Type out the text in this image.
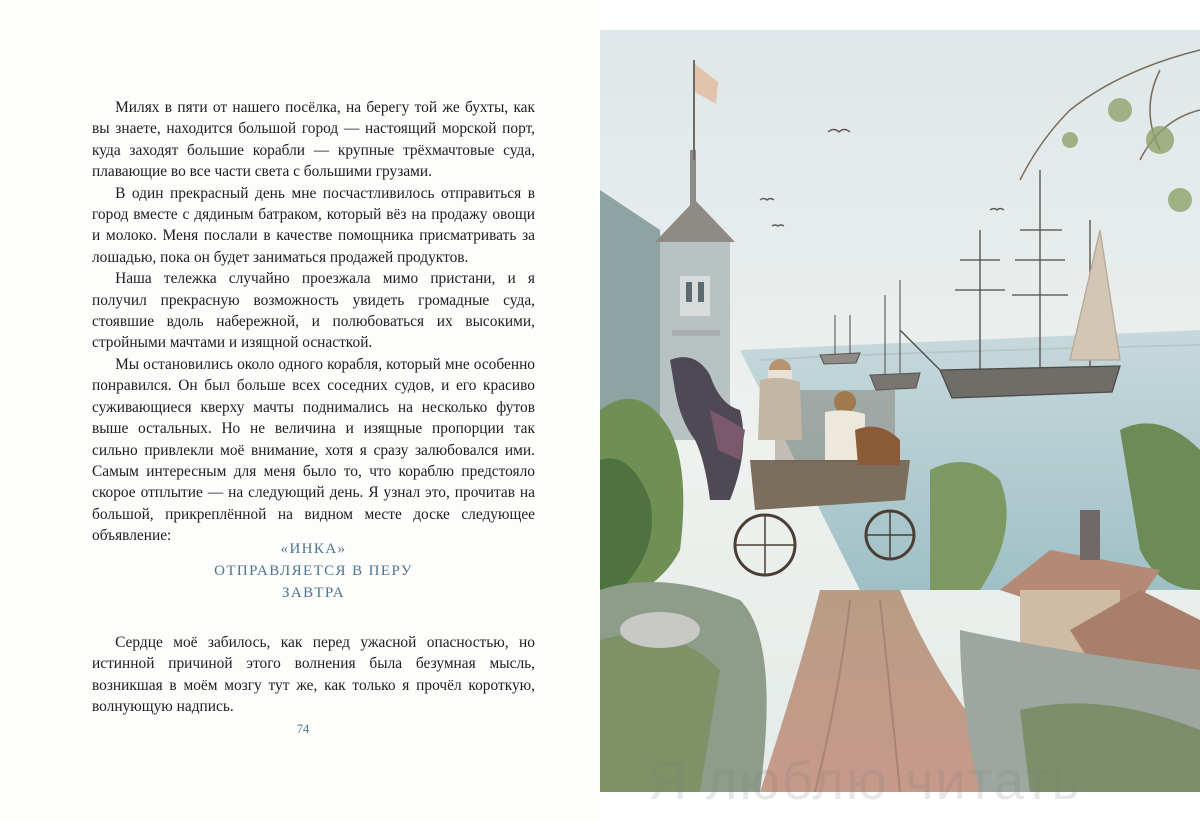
Милях в пяти от нашего посёлка, на берегу той же бухты, как вы знаете, находится большой город — настоящий морской порт, куда заходят большие корабли — крупные трёхмачтовые суда, плавающие во все части света с большими грузами.

В один прекрасный день мне посчастливилось отправиться в город вместе с дядиным батраком, который вёз на продажу овощи и молоко. Меня послали в качестве помощника присматривать за лошадью, пока он будет заниматься продажей продуктов.

Наша тележка случайно проезжала мимо пристани, и я получил прекрасную возможность увидеть громадные суда, стоявшие вдоль набережной, и полюбоваться их высокими, стройными мачтами и изящной оснасткой.

Мы остановились около одного корабля, который мне особенно понравился. Он был больше всех соседних судов, и его красиво суживающиеся кверху мачты поднимались на несколько футов выше остальных. Но не величина и изящные пропорции так сильно привлекли моё внимание, хотя я сразу залюбовался ими. Самым интересным для меня было то, что кораблю предстояло скорое отплытие — на следующий день. Я узнал это, прочитав на большой, прикреплённой на видном месте доске следующее объявление:

«ИНКА»
ОТПРАВЛЯЕТСЯ В ПЕРУ
ЗАВТРА

Сердце моё забилось, как перед ужасной опасностью, но истинной причиной этого волнения была безумная мысль, возникшая в моём мозгу тут же, как только я прочёл короткую, волнующую надпись.

74
